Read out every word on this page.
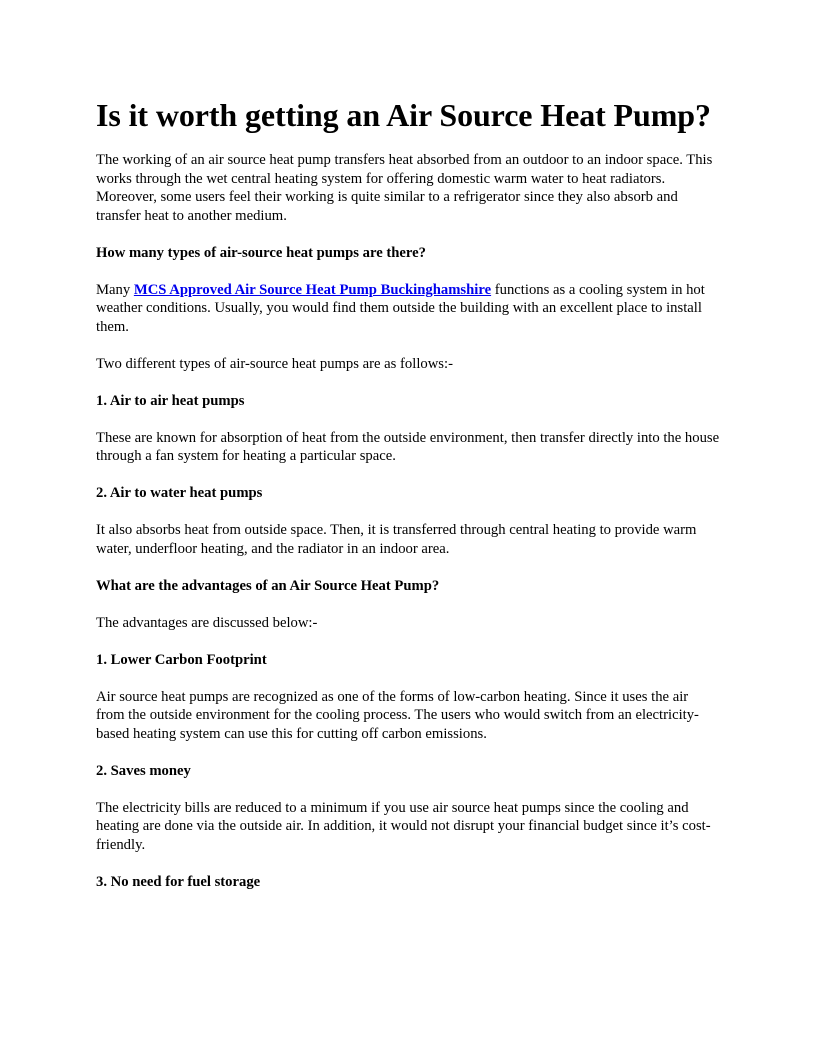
Is it worth getting an Air Source Heat Pump?

The working of an air source heat pump transfers heat absorbed from an outdoor to an indoor space. This works through the wet central heating system for offering domestic warm water to heat radiators. Moreover, some users feel their working is quite similar to a refrigerator since they also absorb and transfer heat to another medium.

How many types of air-source heat pumps are there?

Many MCS Approved Air Source Heat Pump Buckinghamshire functions as a cooling system in hot weather conditions. Usually, you would find them outside the building with an excellent place to install them.

Two different types of air-source heat pumps are as follows:-

1. Air to air heat pumps

These are known for absorption of heat from the outside environment, then transfer directly into the house through a fan system for heating a particular space.

2. Air to water heat pumps

It also absorbs heat from outside space. Then, it is transferred through central heating to provide warm water, underfloor heating, and the radiator in an indoor area.

What are the advantages of an Air Source Heat Pump?

The advantages are discussed below:-

1. Lower Carbon Footprint

Air source heat pumps are recognized as one of the forms of low-carbon heating. Since it uses the air from the outside environment for the cooling process. The users who would switch from an electricity-based heating system can use this for cutting off carbon emissions.

2. Saves money

The electricity bills are reduced to a minimum if you use air source heat pumps since the cooling and heating are done via the outside air. In addition, it would not disrupt your financial budget since it’s cost-friendly.

3. No need for fuel storage
